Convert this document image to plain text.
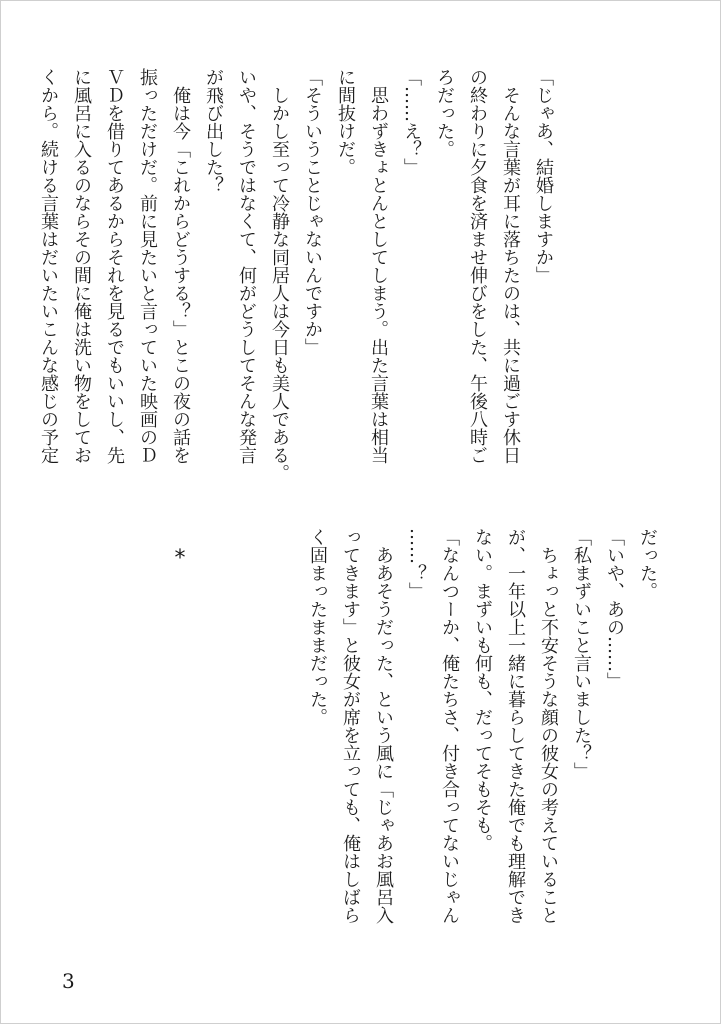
「じゃあ、結婚しますか」

　そんな言葉が耳に落ちたのは、共に過ごす休日

の終わりに夕食を済ませ伸びをした、午後八時ご

ろだった。

「……え？」

　思わずきょとんとしてしまう。出た言葉は相当

に間抜けだ。

「そういうことじゃないんですか」

　しかし至って冷静な同居人は今日も美人である。

いや、そうではなくて、何がどうしてそんな発言

が飛び出した？

　俺は今「これからどうする？」とこの夜の話を

振っただけだ。前に見たいと言っていた映画のＤ

ＶＤを借りてあるからそれを見るでもいいし、先

に風呂に入るのならその間に俺は洗い物をしてお

くから。続ける言葉はだいたいこんな感じの予定

*	だった。

「いや、あの……」

「私まずいこと言いました？」

　ちょっと不安そうな顔の彼女の考えていること

が、一年以上一緒に暮らしてきた俺でも理解でき

ない。まずいも何も、だってそもそも。

「なんつーか、俺たちさ、付き合ってないじゃん

……？」

　ああそうだった、という風に「じゃあお風呂入

ってきます」と彼女が席を立っても、俺はしばら

く固まったままだった。

3
